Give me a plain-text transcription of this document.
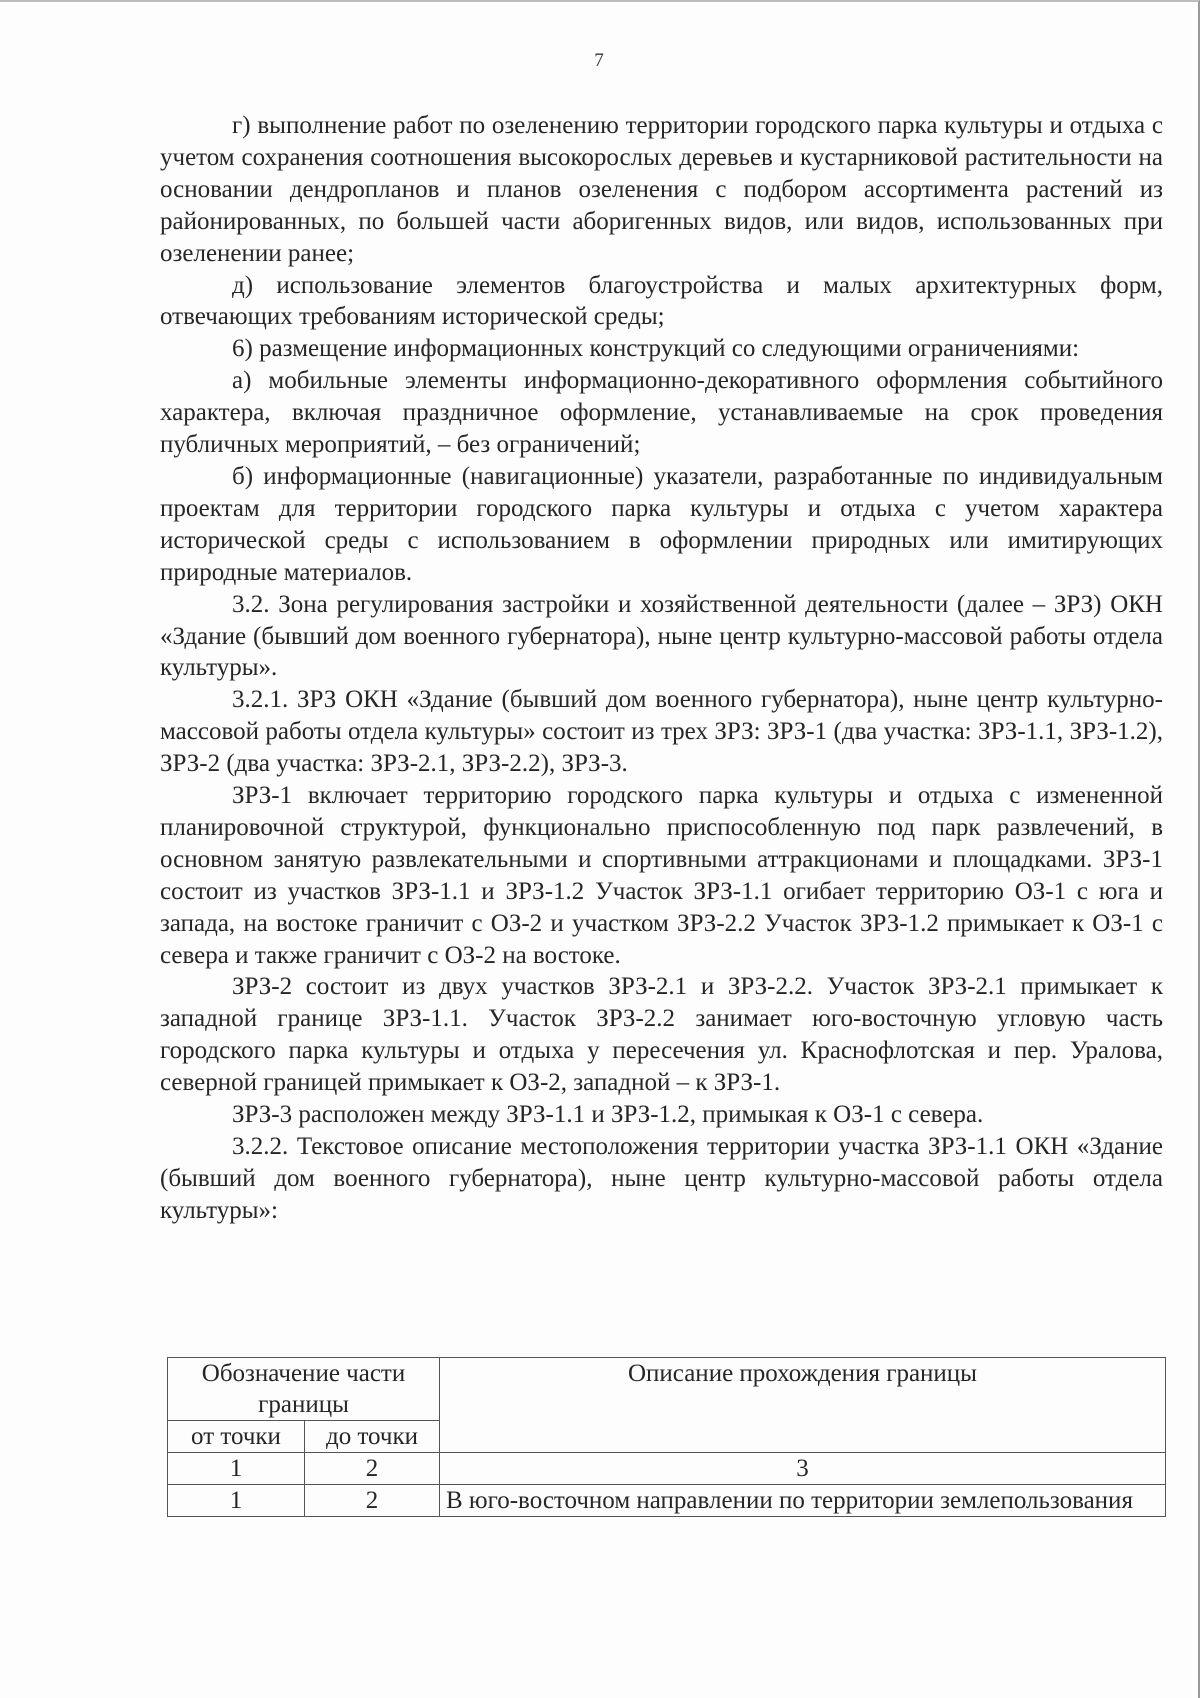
7

г) выполнение работ по озеленению территории городского парка культуры и отдыха с учетом сохранения соотношения высокорослых деревьев и кустарниковой растительности на основании дендропланов и планов озеленения с подбором ассортимента растений из районированных, по большей части аборигенных видов, или видов, использованных при озеленении ранее;

д) использование элементов благоустройства и малых архитектурных форм, отвечающих требованиям исторической среды;

6) размещение информационных конструкций со следующими ограничениями:

а) мобильные элементы информационно-декоративного оформления событийного характера, включая праздничное оформление, устанавливаемые на срок проведения публичных мероприятий, – без ограничений;

б) информационные (навигационные) указатели, разработанные по индивидуальным проектам для территории городского парка культуры и отдыха с учетом характера исторической среды с использованием в оформлении природных или имитирующих природные материалов.

3.2. Зона регулирования застройки и хозяйственной деятельности (далее – ЗРЗ) ОКН «Здание (бывший дом военного губернатора), ныне центр культурно-массовой работы отдела культуры».

3.2.1. ЗРЗ ОКН «Здание (бывший дом военного губернатора), ныне центр культурно-массовой работы отдела культуры» состоит из трех ЗРЗ: ЗРЗ-1 (два участка: ЗРЗ-1.1, ЗРЗ-1.2), ЗРЗ-2 (два участка: ЗРЗ-2.1, ЗРЗ-2.2), ЗРЗ-3.

ЗРЗ-1 включает территорию городского парка культуры и отдыха с измененной планировочной структурой, функционально приспособленную под парк развлечений, в основном занятую развлекательными и спортивными аттракционами и площадками. ЗРЗ-1 состоит из участков ЗРЗ-1.1 и ЗРЗ-1.2 Участок ЗРЗ-1.1 огибает территорию ОЗ-1 с юга и запада, на востоке граничит с ОЗ-2 и участком ЗРЗ-2.2 Участок ЗРЗ-1.2 примыкает к ОЗ-1 с севера и также граничит с ОЗ-2 на востоке.

ЗРЗ-2 состоит из двух участков ЗРЗ-2.1 и ЗРЗ-2.2. Участок ЗРЗ-2.1 примыкает к западной границе ЗРЗ-1.1. Участок ЗРЗ-2.2 занимает юго-восточную угловую часть городского парка культуры и отдыха у пересечения ул. Краснофлотская и пер. Уралова, северной границей примыкает к ОЗ-2, западной – к ЗРЗ-1.

ЗРЗ-3 расположен между ЗРЗ-1.1 и ЗРЗ-1.2, примыкая к ОЗ-1 с севера.

3.2.2. Текстовое описание местоположения территории участка ЗРЗ-1.1 ОКН «Здание (бывший дом военного губернатора), ныне центр культурно-массовой работы отдела культуры»:

Обозначение части границы		Описание прохождения границы
от точки	до точки	
1	2	3
1	2	В юго-восточном направлении по территории землепользования
